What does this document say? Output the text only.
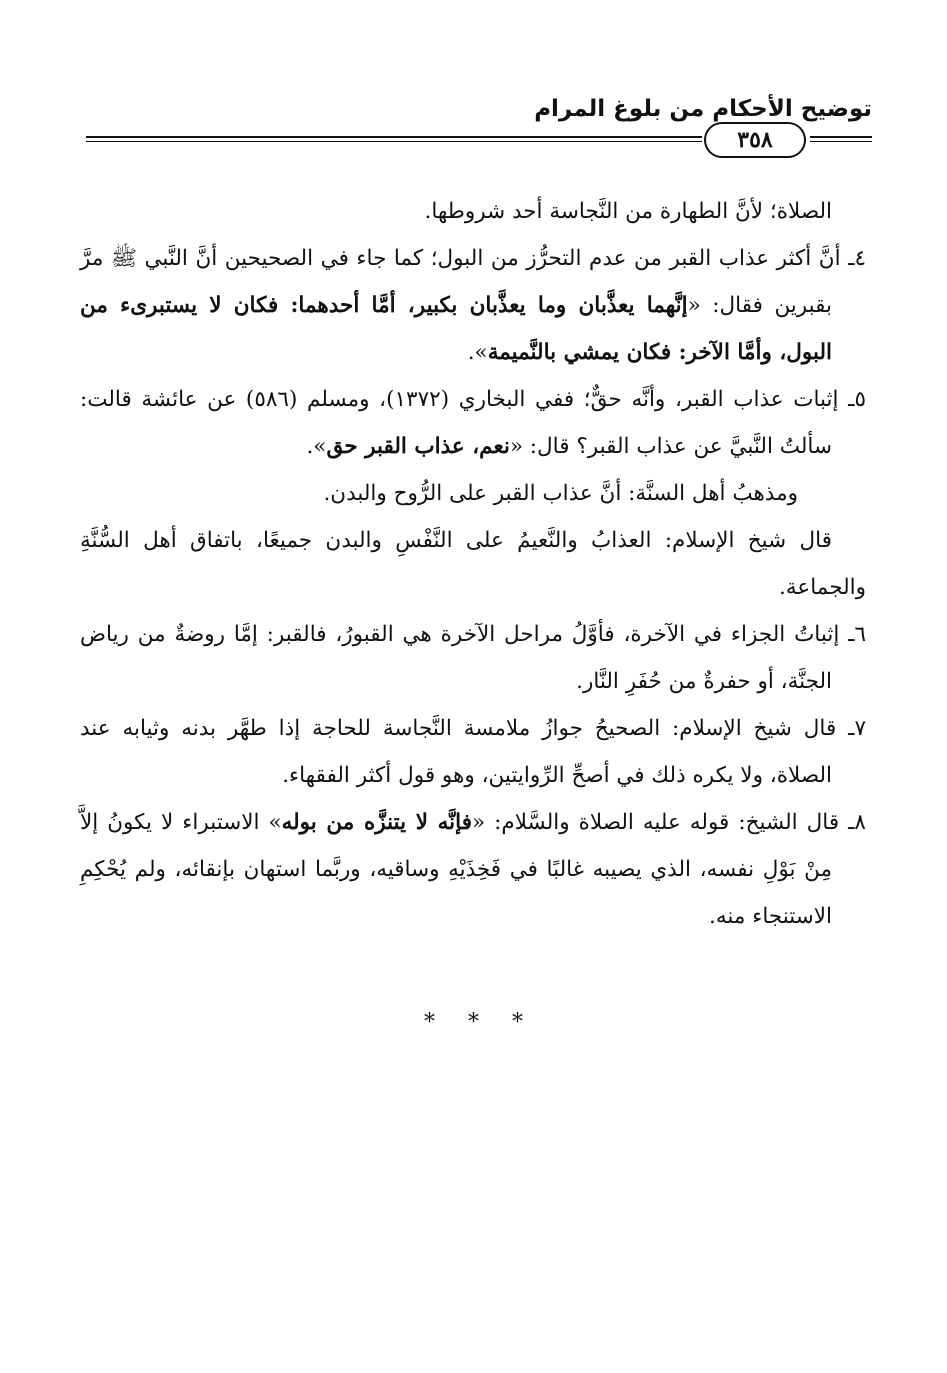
توضيح الأحكام من بلوغ المرام
٣٥٨

الصلاة؛ لأنَّ الطهارة من النَّجاسة أحد شروطها.

٤ـ أنَّ أكثر عذاب القبر من عدم التحرُّز من البول؛ كما جاء في الصحيحين أنَّ النَّبي ﷺ مرَّ بقبرين فقال: «إنَّهما يعذَّبان وما يعذَّبان بكبير، أمَّا أحدهما: فكان لا يستبرىء من البول، وأمَّا الآخر: فكان يمشي بالنَّميمة».

٥ـ إثبات عذاب القبر، وأنَّه حقٌّ؛ ففي البخاري (١٣٧٢)، ومسلم (٥٨٦) عن عائشة قالت: سألتُ النَّبيَّ عن عذاب القبر؟ قال: «نعم، عذاب القبر حق».

ومذهبُ أهل السنَّة: أنَّ عذاب القبر على الرُّوح والبدن.

قال شيخ الإسلام: العذابُ والنَّعيمُ على النَّفْسِ والبدن جميعًا، باتفاق أهل السُّنَّةِ والجماعة.

٦ـ إثباتُ الجزاء في الآخرة، فأوَّلُ مراحل الآخرة هي القبورُ، فالقبر: إمَّا روضةٌ من رياض الجنَّة، أو حفرةٌ من حُفَرِ النَّار.

٧ـ قال شيخ الإسلام: الصحيحُ جوازُ ملامسة النَّجاسة للحاجة إذا طهَّر بدنه وثيابه عند الصلاة، ولا يكره ذلك في أصحِّ الرِّوايتين، وهو قول أكثر الفقهاء.

٨ـ قال الشيخ: قوله عليه الصلاة والسَّلام: «فإنَّه لا يتنزَّه من بوله» الاستبراء لا يكونُ إلاَّ مِنْ بَوْلِ نفسه، الذي يصيبه غالبًا في فَخِذَيْهِ وساقيه، وربَّما استهان بإنقائه، ولم يُحْكِمِ الاستنجاء منه.

* * *
